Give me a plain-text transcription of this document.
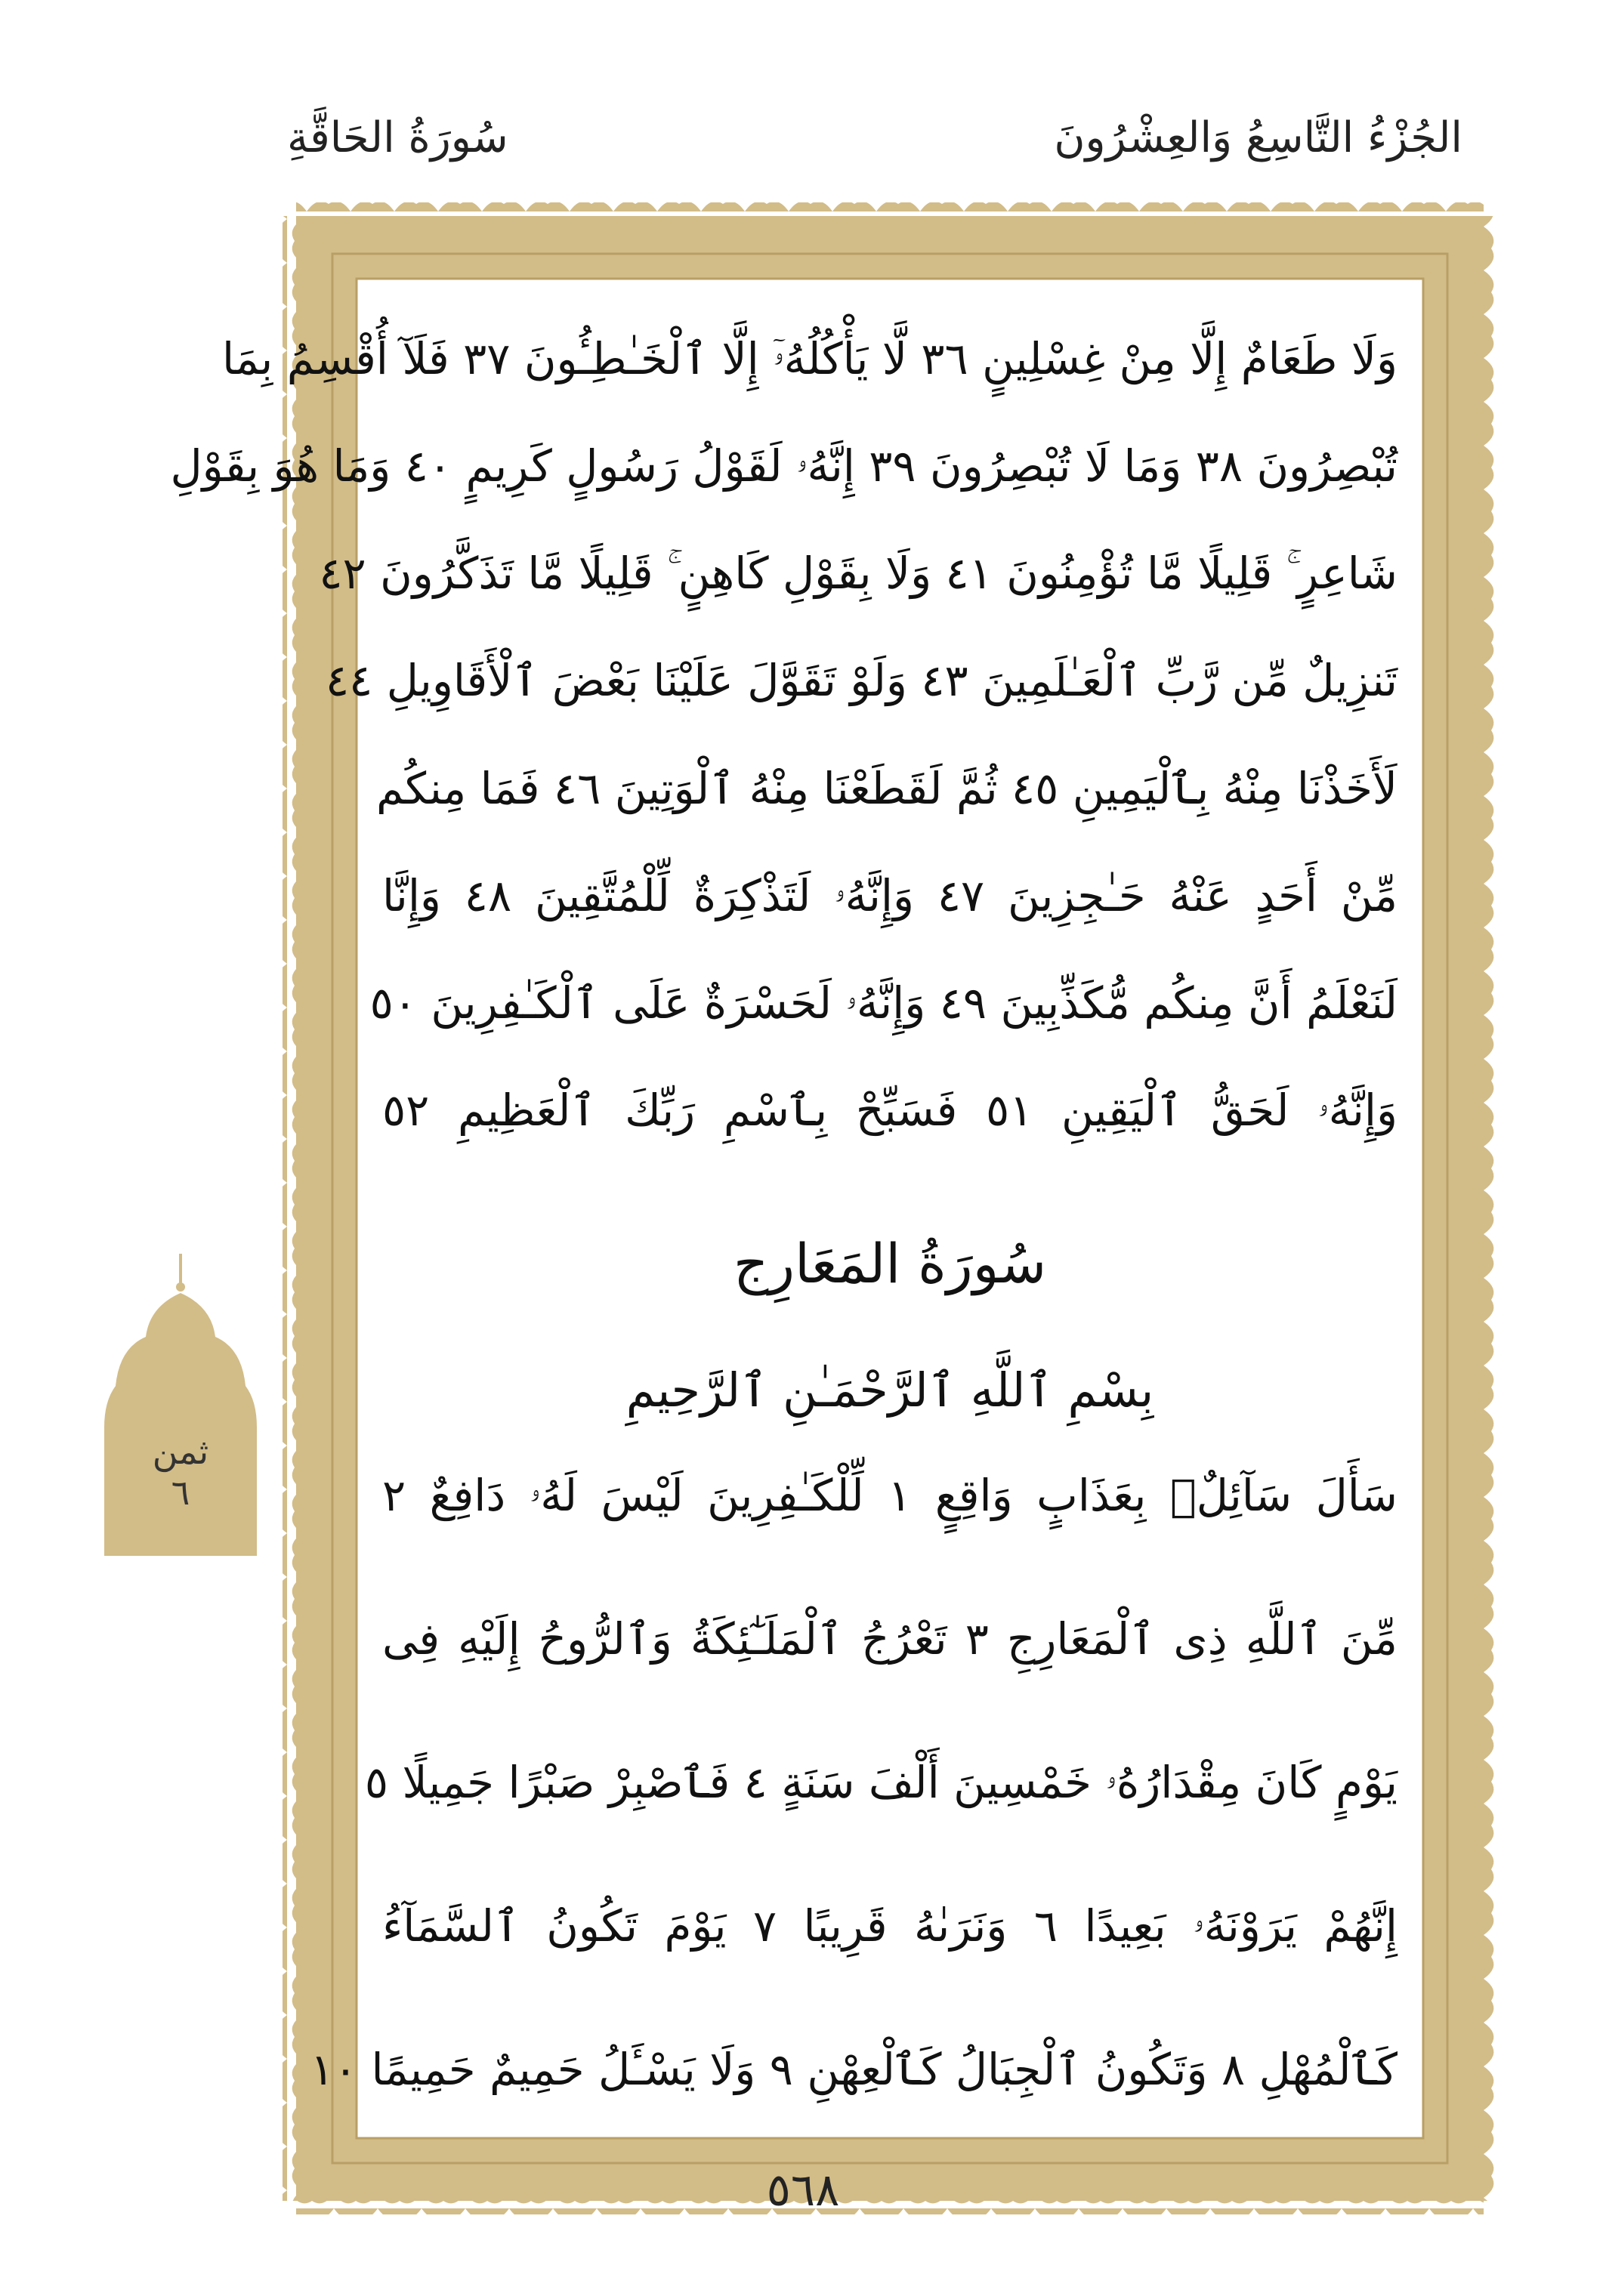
سُورَةُ الحَاقَّةِ	الجُزْءُ التَّاسِعُ وَالعِشْرُونَ
وَلَا طَعَامٌ إِلَّا مِنْ غِسْلِينٍ ٣٦ لَّا يَأْكُلُهُۥٓ إِلَّا ٱلْخَـٰطِـُٔونَ ٣٧ فَلَآ أُقْسِمُ بِمَا
تُبْصِرُونَ ٣٨ وَمَا لَا تُبْصِرُونَ ٣٩ إِنَّهُۥ لَقَوْلُ رَسُولٍ كَرِيمٍ ٤٠ وَمَا هُوَ بِقَوْلِ
شَاعِرٍ ۚ قَلِيلًا مَّا تُؤْمِنُونَ ٤١ وَلَا بِقَوْلِ كَاهِنٍ ۚ قَلِيلًا مَّا تَذَكَّرُونَ ٤٢
تَنزِيلٌ مِّن رَّبِّ ٱلْعَـٰلَمِينَ ٤٣ وَلَوْ تَقَوَّلَ عَلَيْنَا بَعْضَ ٱلْأَقَاوِيلِ ٤٤
لَأَخَذْنَا مِنْهُ بِٱلْيَمِينِ ٤٥ ثُمَّ لَقَطَعْنَا مِنْهُ ٱلْوَتِينَ ٤٦ فَمَا مِنكُم
مِّنْ أَحَدٍ عَنْهُ حَـٰجِزِينَ ٤٧ وَإِنَّهُۥ لَتَذْكِرَةٌ لِّلْمُتَّقِينَ ٤٨ وَإِنَّا
لَنَعْلَمُ أَنَّ مِنكُم مُّكَذِّبِينَ ٤٩ وَإِنَّهُۥ لَحَسْرَةٌ عَلَى ٱلْكَـٰفِرِينَ ٥٠
وَإِنَّهُۥ لَحَقُّ ٱلْيَقِينِ ٥١ فَسَبِّحْ بِٱسْمِ رَبِّكَ ٱلْعَظِيمِ ٥٢
سُورَةُ المَعَارِج
بِسْمِ ٱللَّهِ ٱلرَّحْمَـٰنِ ٱلرَّحِيمِ
سَأَلَ سَآئِلٌۢ بِعَذَابٍ وَاقِعٍ ١ لِّلْكَـٰفِرِينَ لَيْسَ لَهُۥ دَافِعٌ ٢
مِّنَ ٱللَّهِ ذِى ٱلْمَعَارِجِ ٣ تَعْرُجُ ٱلْمَلَـٰٓئِكَةُ وَٱلرُّوحُ إِلَيْهِ فِى
يَوْمٍ كَانَ مِقْدَارُهُۥ خَمْسِينَ أَلْفَ سَنَةٍ ٤ فَٱصْبِرْ صَبْرًا جَمِيلًا ٥
إِنَّهُمْ يَرَوْنَهُۥ بَعِيدًا ٦ وَنَرَىٰهُ قَرِيبًا ٧ يَوْمَ تَكُونُ ٱلسَّمَآءُ
كَٱلْمُهْلِ ٨ وَتَكُونُ ٱلْجِبَالُ كَٱلْعِهْنِ ٩ وَلَا يَسْـَٔلُ حَمِيمٌ حَمِيمًا ١٠
ثمن
٦
٥٦٨
